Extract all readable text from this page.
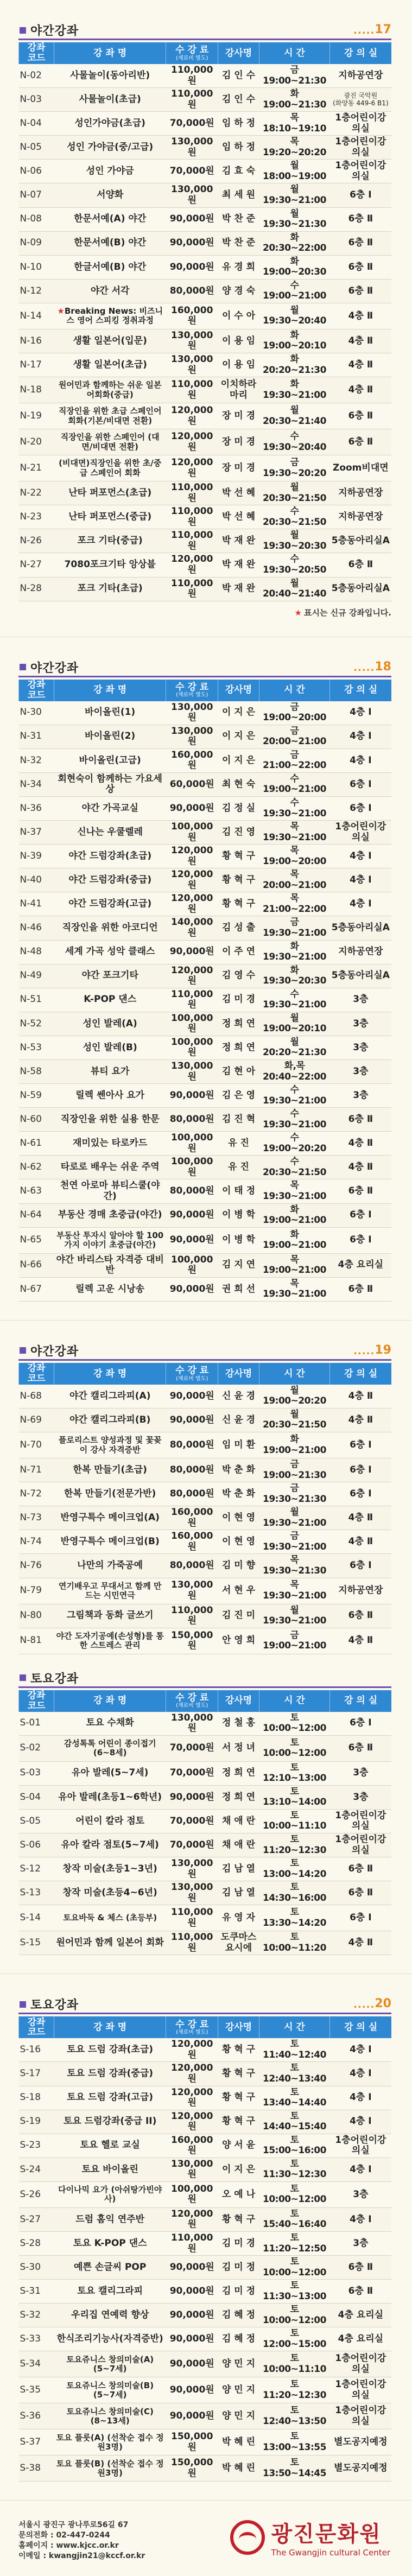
야간강좌	..... 17
강좌
코드	강 좌 명	수 강 료
(재료비 별도)	강사명	시 간	강 의 실
N-02	사물놀이(동아리반)	110,000원	김 인 수	금19:00~21:30	지하공연장
N-03	사물놀이(초급)	110,000원	김 인 수	화19:00~21:30	광진 국악원
(화양동 449-6 B1)
N-04	성인가야금(초급)	70,000원	임 하 정	목18:10~19:10	1층어린이강의실
N-05	성인 가야금(중/고급)	130,000원	임 하 정	목19:20~20:20	1층어린이강의실
N-06	성인 가야금	70,000원	김 효 숙	월18:00~19:00	1층어린이강의실
N-07	서양화	130,000원	최 세 원	월19:30~21:00	6층 Ⅰ
N-08	한문서예(A) 야간	90,000원	박 찬 준	월19:30~21:30	6층 Ⅱ
N-09	한문서예(B) 야간	90,000원	박 찬 준	화20:30~22:00	6층 Ⅱ
N-10	한글서예(B) 야간	90,000원	유 경 희	화19:00~20:30	6층 Ⅱ
N-12	야간 서각	80,000원	양 경 숙	수19:00~21:00	6층 Ⅱ
N-14	★Breaking News: 비즈니스 영어 스피킹 정취과정	160,000원	이 수 아	월19:30~20:40	4층 Ⅱ
N-16	생활 일본어(입문)	130,000원	이 용 임	화19:00~20:10	4층 Ⅱ
N-17	생활 일본어(초급)	130,000원	이 용 임	화20:20~21:30	4층 Ⅱ
N-18	원어민과 함께하는 쉬운 일본어회화(중급)	110,000원	이치하라 마리	화19:30~21:00	4층 Ⅱ
N-19	직장인을 위한 초급 스페인어 회화(기본/비대면 전환)	120,000원	장 미 경	월20:30~21:40	6층 Ⅱ
N-20	직장인을 위한 스페인어 (대면/비대면 전환)	120,000원	장 미 경	수19:30~20:40	6층 Ⅱ
N-21	(비대면)직장인을 위한 초/중급 스페인어 회화	120,000원	장 미 경	금19:30~20:20	Zoom비대면
N-22	난타 퍼포먼스(초급)	110,000원	박 선 혜	월20:30~21:50	지하공연장
N-23	난타 퍼포먼스(중급)	110,000원	박 선 혜	수20:30~21:50	지하공연장
N-26	포크 기타(중급)	110,000원	박 재 완	월19:30~20:30	5층동아리실A
N-27	7080포크기타 앙상블	120,000원	박 재 완	수19:30~20:50	6층 Ⅱ
N-28	포크 기타(초급)	110,000원	박 재 완	월20:40~21:40	5층동아리실A
★ 표시는 신규 강좌입니다.
야간강좌	..... 18
강좌
코드	강 좌 명	수 강 료
(재료비 별도)	강사명	시 간	강 의 실
N-30	바이올린(1)	130,000원	이 지 은	금19:00~20:00	4층 Ⅰ
N-31	바이올린(2)	130,000원	이 지 은	금20:00~21:00	4층 Ⅰ
N-32	바이올린(고급)	160,000원	이 지 은	금21:00~22:00	4층 Ⅰ
N-34	회현숙이 함께하는 가요세상	60,000원	최 현 숙	수19:00~21:00	6층 Ⅰ
N-36	야간 가곡교실	90,000원	김 정 실	수19:30~21:00	6층 Ⅰ
N-37	신나는 우쿨렐레	100,000원	김 진 영	목19:30~21:00	1층어린이강의실
N-39	야간 드럼강좌(초급)	120,000원	황 혁 구	목19:00~20:00	4층 Ⅰ
N-40	야간 드럼강좌(중급)	120,000원	황 혁 구	목20:00~21:00	4층 Ⅰ
N-41	야간 드럼강좌(고급)	120,000원	황 혁 구	목21:00~22:00	4층 Ⅰ
N-46	직장인을 위한 아코디언	140,000원	김 성 출	금19:30~21:00	5층동아리실A
N-48	세계 가곡 성악 클래스	90,000원	이 주 연	화19:30~21:00	지하공연장
N-49	야간 포크기타	120,000원	김 영 수	화19:30~20:30	5층동아리실A
N-51	K-POP 댄스	110,000원	김 미 경	수19:30~21:00	3층
N-52	성인 발레(A)	100,000원	정 희 연	월19:00~20:10	3층
N-53	성인 발레(B)	100,000원	정 희 연	월20:20~21:30	3층
N-58	뷰티 요가	130,000원	김 현 아	화,목20:40~22:00	3층
N-59	릴렉 쎈아사 요가	90,000원	김 은 영	수19:30~21:00	3층
N-60	직장인을 위한 실용 한문	80,000원	김 진 혁	수19:30~21:00	6층 Ⅱ
N-61	재미있는 타로카드	100,000원	유 진	수19:00~20:20	4층 Ⅱ
N-62	타로로 배우는 쉬운 주역	100,000원	유 진	수20:30~21:50	4층 Ⅱ
N-63	천연 아로마 뷰티스쿨(야간)	80,000원	이 태 정	목19:30~21:00	6층 Ⅱ
N-64	부동산 경매 초중급(야간)	90,000원	이 병 학	화19:00~21:00	6층 Ⅰ
N-65	부동산 투자시 알아야 할 100가지 이야기 초중급(야간)	90,000원	이 병 학	화19:00~21:00	6층 Ⅰ
N-66	야간 바리스타 자격증 대비반	100,000원	김 지 연	목19:00~21:00	4층 요리실
N-67	릴렉 고운 시낭송	90,000원	권 희 선	목19:30~21:00	6층 Ⅱ
야간강좌	..... 19
강좌
코드	강 좌 명	수 강 료
(재료비 별도)	강사명	시 간	강 의 실
N-68	야간 캘리그라피(A)	90,000원	신 윤 경	월19:00~20:20	4층 Ⅱ
N-69	야간 캘리그라피(B)	90,000원	신 윤 경	월20:30~21:50	4층 Ⅱ
N-70	플로리스트 양성과정 및 꽃꽂이 강사 자격증반	80,000원	임 미 환	화19:00~21:00	6층 Ⅰ
N-71	한복 만들기(초급)	80,000원	박 춘 화	금19:00~21:30	6층 Ⅰ
N-72	한복 만들기(전문가반)	80,000원	박 춘 화	금19:30~21:30	6층 Ⅰ
N-73	반영구특수 메이크업(A)	160,000원	이 현 영	월19:30~21:00	4층 Ⅱ
N-74	반영구특수 메이크업(B)	160,000원	이 현 영	금19:30~21:00	4층 Ⅱ
N-76	나만의 가죽공예	80,000원	김 미 향	목19:30~21:30	6층 Ⅰ
N-79	연기배우고 무대서고 함께 만드는 시민연극	130,000원	서 현 우	목19:30~21:00	지하공연장
N-80	그림책과 동화 글쓰기	110,000원	김 진 미	월19:30~21:00	6층 Ⅱ
N-81	야간 도자기공예(손성형)를 통한 스트레스 관리	150,000원	안 영 희	금19:00~21:00	4층 Ⅱ
토요강좌
강좌
코드	강 좌 명	수 강 료
(재료비 별도)	강사명	시 간	강 의 실
S-01	토요 수채화	130,000원	정 철 홍	토10:00~12:00	6층 Ⅰ
S-02	감성톡톡 어린이 종이접기 (6~8세)	70,000원	서 정 녀	토10:00~12:00	6층 Ⅱ
S-03	유아 발레(5~7세)	70,000원	정 희 연	토12:10~13:00	3층
S-04	유아 발레(초등1~6학년)	90,000원	정 희 연	토13:10~14:00	3층
S-05	어린이 칼라 점토	70,000원	채 애 란	토10:00~11:10	1층어린이강의실
S-06	유아 칼라 점토(5~7세)	70,000원	채 애 란	토11:20~12:30	1층어린이강의실
S-12	창작 미술(초등1~3년)	130,000원	김 남 열	토13:00~14:20	6층 Ⅱ
S-13	창작 미술(초등4~6년)	130,000원	김 남 열	토14:30~16:00	6층 Ⅱ
S-14	토요바둑 & 체스 (초등부)	110,000원	유 영 자	토13:30~14:20	6층 Ⅰ
S-15	원어민과 함께 일본어 회화	110,000원	도쿠마스 요시에	토10:00~11:20	4층 Ⅱ
토요강좌	..... 20
강좌
코드	강 좌 명	수 강 료
(재료비 별도)	강사명	시 간	강 의 실
S-16	토요 드럼 강좌(초급)	120,000원	황 혁 구	토11:40~12:40	4층 Ⅰ
S-17	토요 드럼 강좌(중급)	120,000원	황 혁 구	토12:40~13:40	4층 Ⅰ
S-18	토요 드럼 강좌(고급)	120,000원	황 혁 구	토13:40~14:40	4층 Ⅰ
S-19	토요 드럼강좌(중급 II)	120,000원	황 혁 구	토14:40~15:40	4층 Ⅰ
S-23	토요 헬로 교실	160,000원	양 서 윤	토15:00~16:00	1층어린이강의실
S-24	토요 바이올린	130,000원	이 지 은	토11:30~12:30	4층 Ⅰ
S-26	다이나믹 요가 (아쉬탕가빈야사)	100,000원	오 예 나	토10:00~12:00	3층
S-27	드럼 홈익 연주반	120,000원	황 혁 구	토15:40~16:40	4층 Ⅰ
S-28	토요 K-POP 댄스	110,000원	김 미 경	토11:20~12:50	3층
S-30	예쁜 손글씨 POP	90,000원	김 미 정	토10:00~12:00	6층 Ⅱ
S-31	토요 캘리그라피	90,000원	김 미 정	토11:30~13:00	6층 Ⅱ
S-32	우리집 연예력 향상	90,000원	김 혜 정	토10:00~12:00	4층 요리실
S-33	한식조리기능사(자격증반)	90,000원	김 혜 정	토12:00~15:00	4층 요리실
S-34	토요쥬니스 창의미술(A) (5~7세)	90,000원	양 민 지	토10:00~11:10	1층어린이강의실
S-35	토요쥬니스 창의미술(B) (5~7세)	90,000원	양 민 지	토11:20~12:30	1층어린이강의실
S-36	토요쥬니스 창의미술(C) (8~13세)	90,000원	양 민 지	토12:40~13:50	1층어린이강의실
S-37	토요 플룻(A) (선착순 접수 정원3명)	150,000원	박 혜 린	토13:00~13:55	별도공지예정
S-38	토요 플룻(B) (선착순 접수 정원3명)	150,000원	박 혜 린	토13:50~14:45	별도공지예정
서울시 광진구 광나루로56길 67
문의전화 : 02-447-0244
홈페이지 : www.kjcc.or.kr
이메일 : kwangjin21@kccf.or.kr
광진문화원
The Gwangjin cultural Center
